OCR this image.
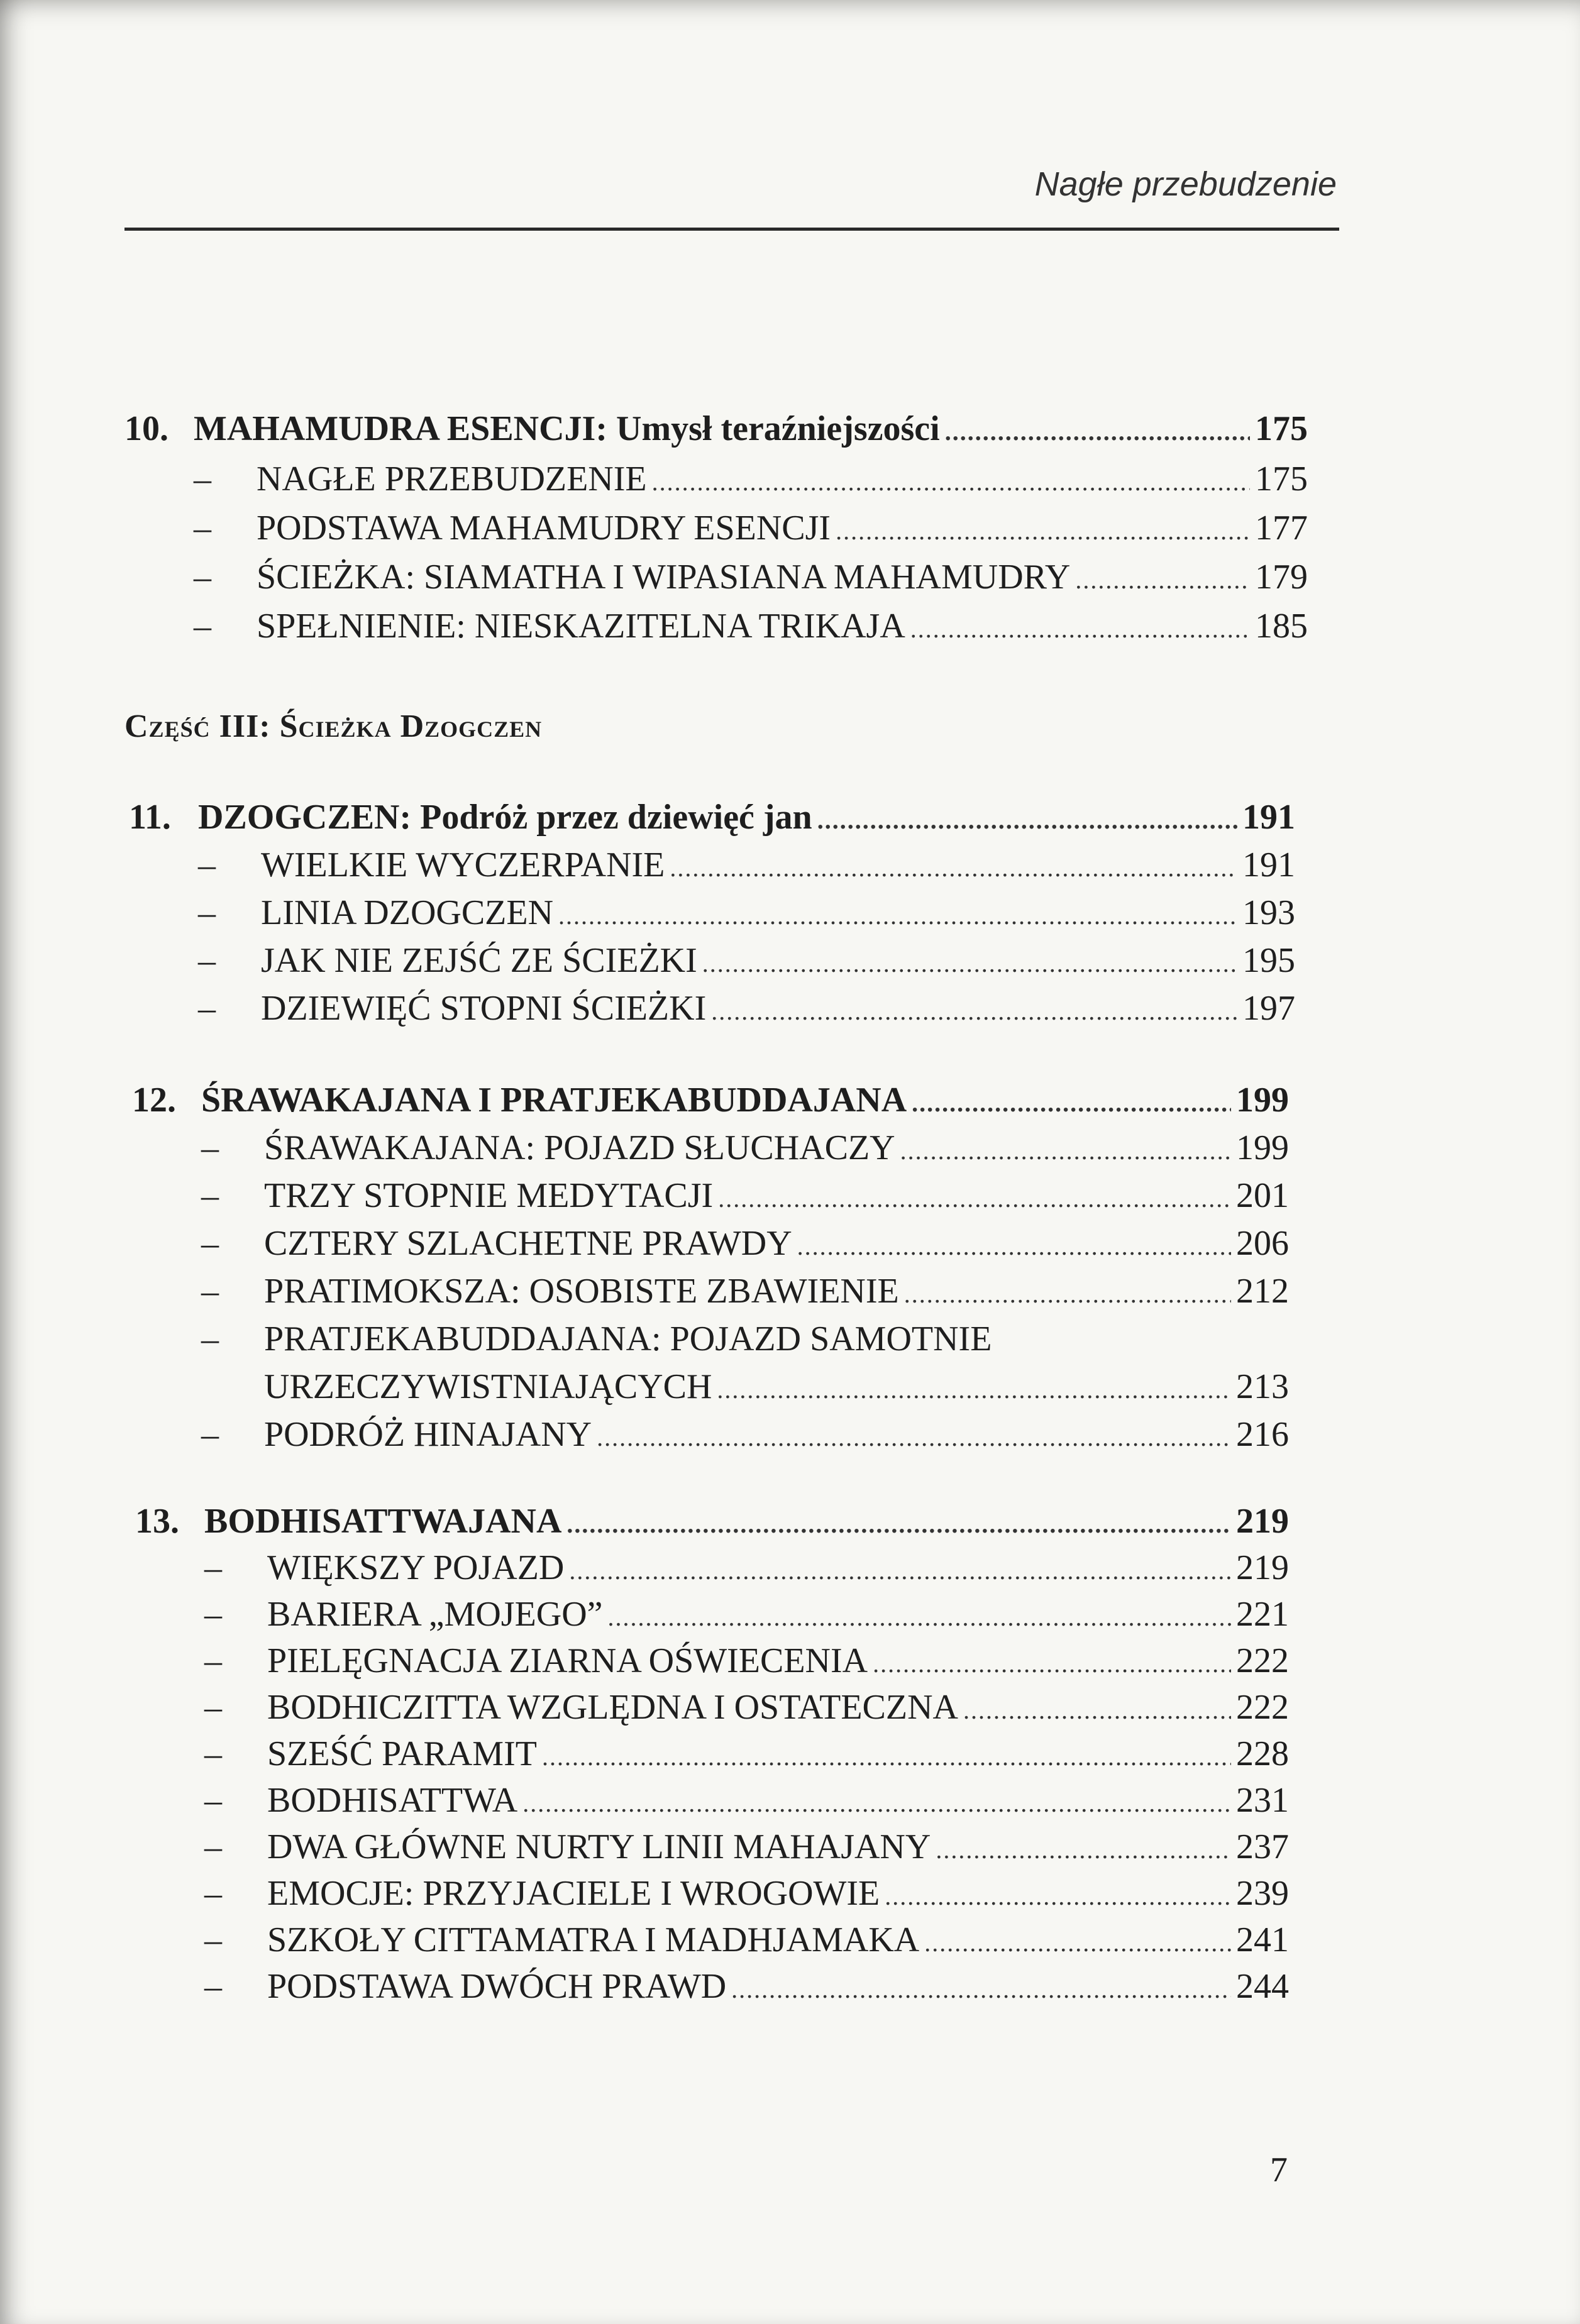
Nagłe przebudzenie
10. MAHAMUDRA ESENCJI: Umysł teraźniejszości .....	175
–	NAGŁE PRZEBUDZENIE .....	175
–	PODSTAWA MAHAMUDRY ESENCJI .....	177
–	ŚCIEŻKA: SIAMATHA I WIPASIANA MAHAMUDRY .....	179
–	SPEŁNIENIE: NIESKAZITELNA TRIKAJA .....	185
Część III: Ścieżka Dzogczen
11. DZOGCZEN: Podróż przez dziewięć jan .....	191
–	WIELKIE WYCZERPANIE .....	191
–	LINIA DZOGCZEN .....	193
–	JAK NIE ZEJŚĆ ZE ŚCIEŻKI .....	195
–	DZIEWIĘĆ STOPNI ŚCIEŻKI .....	197
12. ŚRAWAKAJANA I PRATJEKABUDDAJANA .....	199
–	ŚRAWAKAJANA: POJAZD SŁUCHACZY .....	199
–	TRZY STOPNIE MEDYTACJI .....	201
–	CZTERY SZLACHETNE PRAWDY .....	206
–	PRATIMOKSZA: OSOBISTE ZBAWIENIE .....	212
–	PRATJEKABUDDAJANA: POJAZD SAMOTNIE
URZECZYWISTNIAJĄCYCH .....	213
–	PODRÓŻ HINAJANY .....	216
13. BODHISATTWAJANA .....	219
–	WIĘKSZY POJAZD .....	219
–	BARIERA „MOJEGO” .....	221
–	PIELĘGNACJA ZIARNA OŚWIECENIA .....	222
–	BODHICZITTA WZGLĘDNA I OSTATECZNA .....	222
–	SZEŚĆ PARAMIT .....	228
–	BODHISATTWA .....	231
–	DWA GŁÓWNE NURTY LINII MAHAJANY .....	237
–	EMOCJE: PRZYJACIELE I WROGOWIE .....	239
–	SZKOŁY CITTAMATRA I MADHJAMAKA .....	241
–	PODSTAWA DWÓCH PRAWD .....	244
7
